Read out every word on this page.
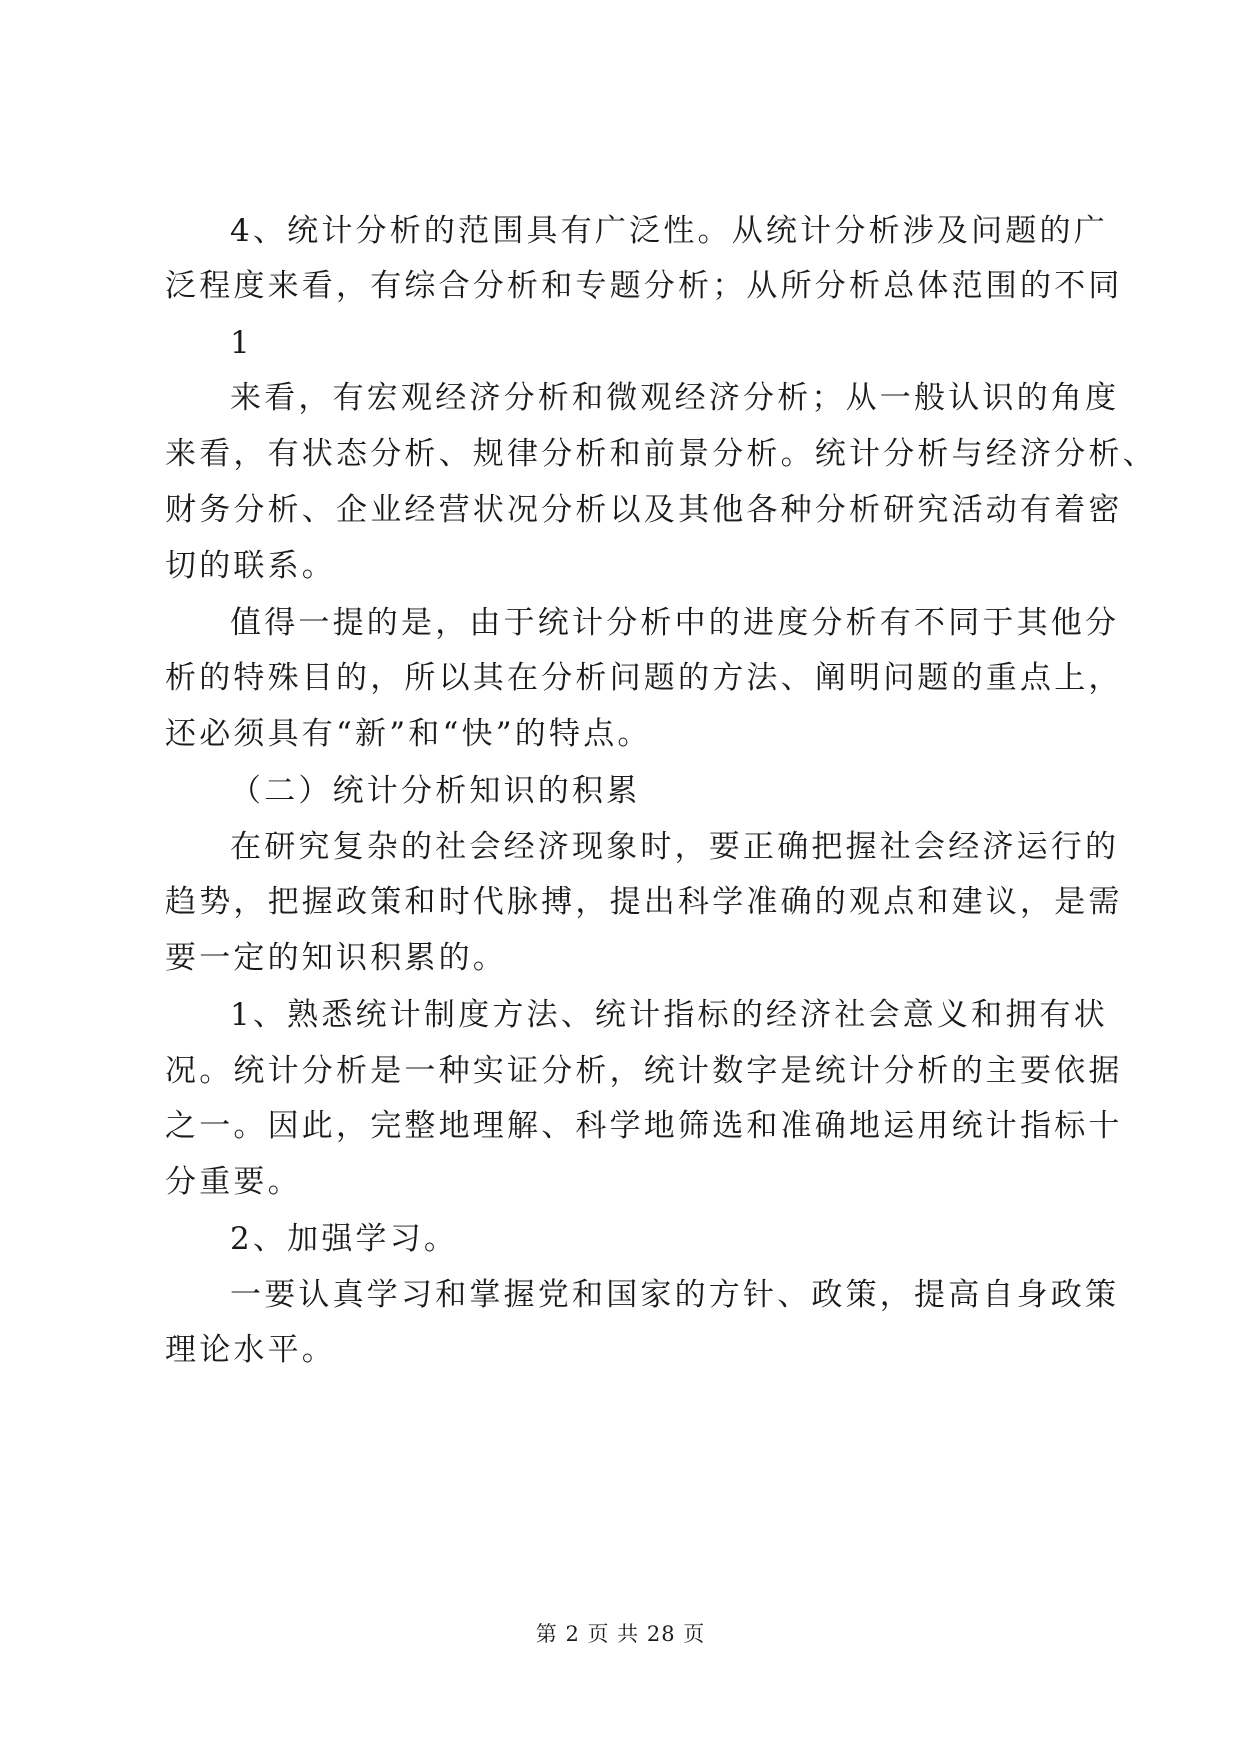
4、统计分析的范围具有广泛性。从统计分析涉及问题的广
泛程度来看，有综合分析和专题分析；从所分析总体范围的不同
1
来看，有宏观经济分析和微观经济分析；从一般认识的角度
来看，有状态分析、规律分析和前景分析。统计分析与经济分析、
财务分析、企业经营状况分析以及其他各种分析研究活动有着密
切的联系。
值得一提的是，由于统计分析中的进度分析有不同于其他分
析的特殊目的，所以其在分析问题的方法、阐明问题的重点上，
还必须具有“新”和“快”的特点。
（二）统计分析知识的积累
在研究复杂的社会经济现象时，要正确把握社会经济运行的
趋势，把握政策和时代脉搏，提出科学准确的观点和建议，是需
要一定的知识积累的。
1、熟悉统计制度方法、统计指标的经济社会意义和拥有状
况。统计分析是一种实证分析，统计数字是统计分析的主要依据
之一。因此，完整地理解、科学地筛选和准确地运用统计指标十
分重要。
2、加强学习。
一要认真学习和掌握党和国家的方针、政策，提高自身政策
理论水平。
第 2 页 共 28 页
